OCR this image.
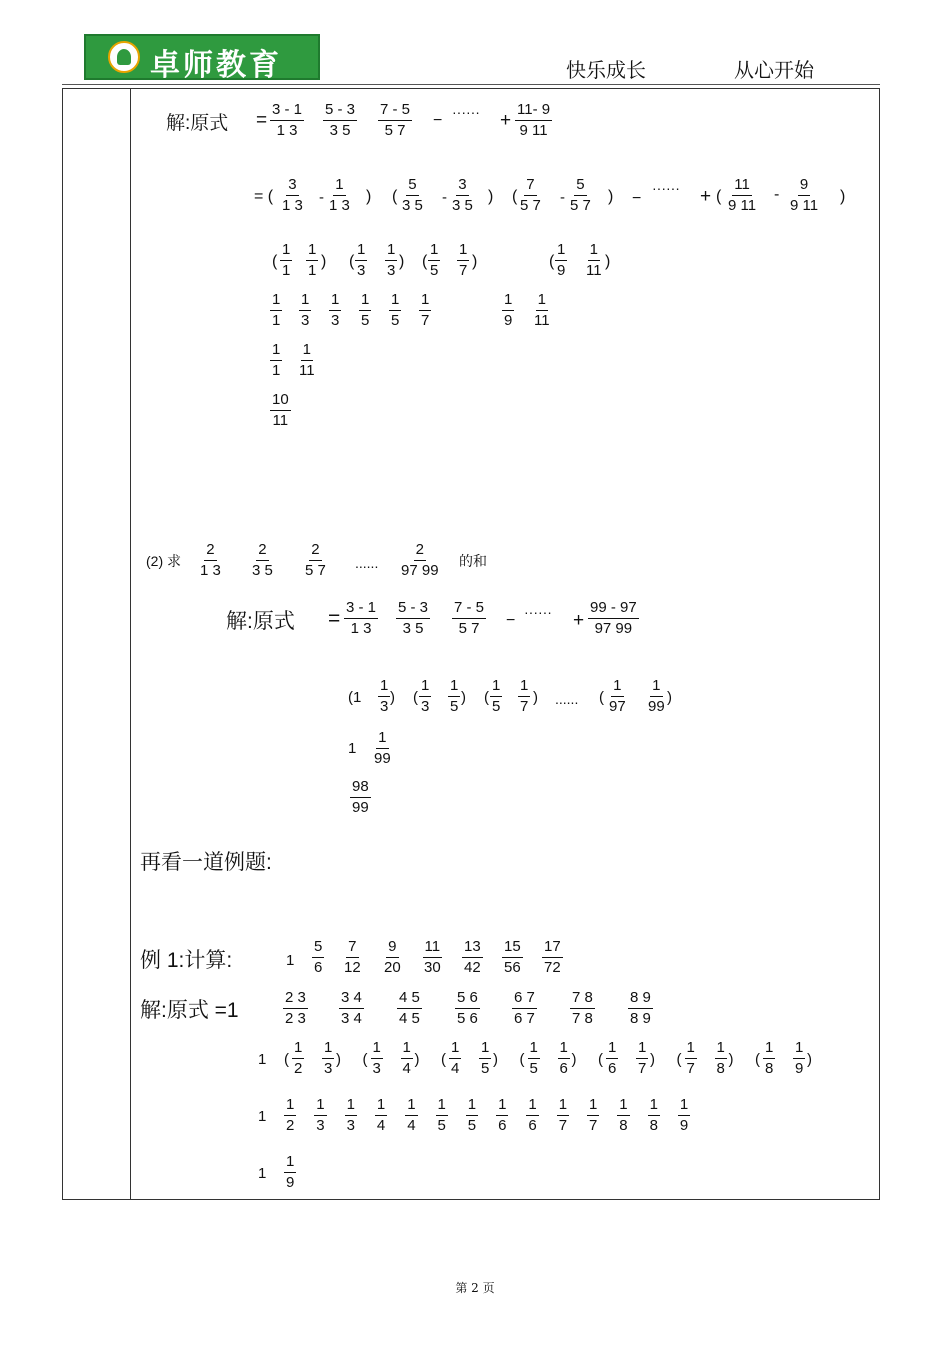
卓师教育	快乐成长	从心开始
解:原式 = $\frac{3 - 1}{1 3} \frac{5 - 3}{3 5} \frac{7 - 5}{5 7}$ − ······ + $\frac{11- 9}{9 11}$
= ( $\frac{3}{1 3} - \frac{1}{1 3}$ ) ( $\frac{5}{3 5} - \frac{3}{3 5}$ ) ( $\frac{7}{5 7} - \frac{5}{5 7}$ ) −
······ + ( $\frac{11}{9 11} - \frac{9}{9 11}$ )
( $\frac{1}{1} \frac{1}{1}$ ) ( $\frac{1}{3} \frac{1}{3}$ ) ( $\frac{1}{5} \frac{1}{7}$ )	( $\frac{1}{9} \frac{1}{11}$ )
$\frac{1}{1} \frac{1}{3} \frac{1}{3} \frac{1}{5} \frac{1}{5} \frac{1}{7}$	$\frac{1}{9} \frac{1}{11}$
$\frac{1}{1} \frac{1}{11}$
$\frac{10}{11}$
(2) 求 $\frac{2}{1 3} \frac{2}{3 5} \frac{2}{5 7}$ ...... $\frac{2}{97 99}$ 的和
解:原式 = $\frac{3 - 1}{1 3} \frac{5 - 3}{3 5} \frac{7 - 5}{5 7}$ − ······ + $\frac{99 - 97}{97 99}$
($1 \frac{1}{3}$ ) ( $\frac{1}{3} \frac{1}{5}$ ) ( $\frac{1}{5} \frac{1}{7}$ ) ...... ( $\frac{1}{97} \frac{1}{99}$ )
$1 \frac{1}{99}$
$\frac{98}{99}$
再看一道例题:
例 1:计算:	$1 \frac{5}{6} \frac{7}{12} \frac{9}{20} \frac{11}{30} \frac{13}{42} \frac{15}{56} \frac{17}{72}$
解:原式 =1	$\frac{2 3}{2 3} \frac{3 4}{3 4} \frac{4 5}{4 5} \frac{5 6}{5 6} \frac{6 7}{6 7} \frac{7 8}{7 8} \frac{8 9}{8 9}$
1 ( $\frac{1}{2} \frac{1}{3}$ ) ( $\frac{1}{3} \frac{1}{4}$ ) ( $\frac{1}{4} \frac{1}{5}$ ) ( $\frac{1}{5} \frac{1}{6}$ ) ( $\frac{1}{6} \frac{1}{7}$ ) ( $\frac{1}{7} \frac{1}{8}$ ) ( $\frac{1}{8} \frac{1}{9}$ )
$1 \frac{1}{2} \frac{1}{3} \frac{1}{3} \frac{1}{4} \frac{1}{4} \frac{1}{5} \frac{1}{5} \frac{1}{6} \frac{1}{6} \frac{1}{7} \frac{1}{7} \frac{1}{8} \frac{1}{8} \frac{1}{9}$
$1 \frac{1}{9}$
第 2 页
